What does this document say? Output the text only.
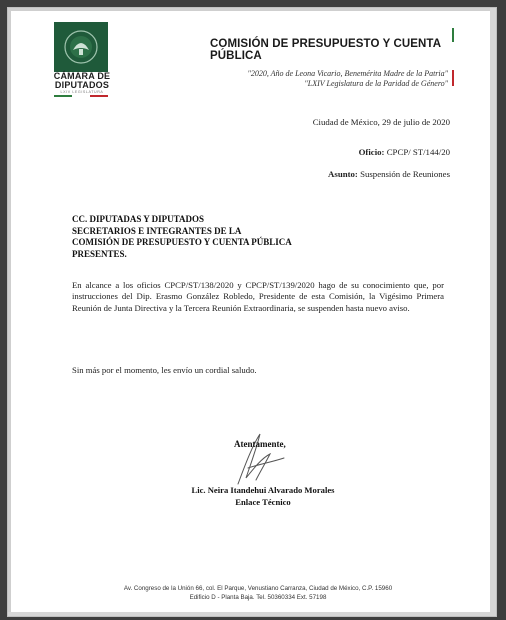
CÁMARA DE
DIPUTADOS
LXIV LEGISLATURA
COMISIÓN DE PRESUPUESTO Y CUENTA PÚBLICA
"2020, Año de Leona Vicario, Benemérita Madre de la Patria"
"LXIV Legislatura de la Paridad de Género"
Ciudad de México, 29 de julio de 2020
Oficio: CPCP/ ST/144/20
Asunto: Suspensión de Reuniones
CC. DIPUTADAS Y DIPUTADOS
SECRETARIOS E INTEGRANTES DE LA
COMISIÓN DE PRESUPUESTO Y CUENTA PÚBLICA
PRESENTES.
En alcance a los oficios CPCP/ST/138/2020 y CPCP/ST/139/2020 hago de su conocimiento que, por instrucciones del Dip. Erasmo González Robledo, Presidente de esta Comisión, la Vigésimo Primera Reunión de Junta Directiva y la Tercera Reunión Extraordinaria, se suspenden hasta nuevo aviso.
Sin más por el momento, les envío un cordial saludo.
Atentamente,
Lic. Neira Itandehui Alvarado Morales
Enlace Técnico
Av. Congreso de la Unión 66, col. El Parque, Venustiano Carranza, Ciudad de México, C.P. 15960
Edificio D - Planta Baja. Tel. 50360334 Ext. 57198
